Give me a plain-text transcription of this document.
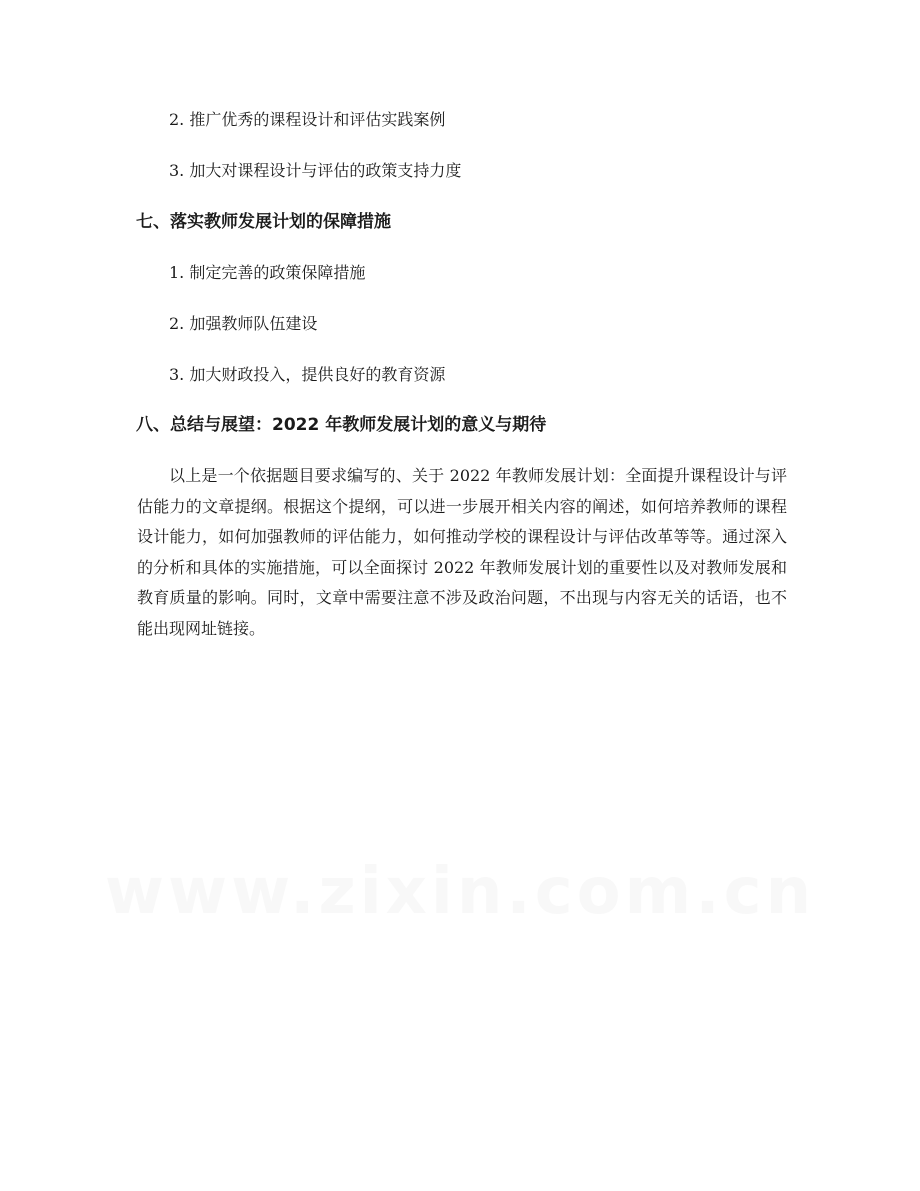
2. 推广优秀的课程设计和评估实践案例
3. 加大对课程设计与评估的政策支持力度
七、落实教师发展计划的保障措施
1. 制定完善的政策保障措施
2. 加强教师队伍建设
3. 加大财政投入，提供良好的教育资源
八、总结与展望：2022 年教师发展计划的意义与期待
以上是一个依据题目要求编写的、关于 2022 年教师发展计划：全面提升课程设计与评估能力的文章提纲。根据这个提纲，可以进一步展开相关内容的阐述，如何培养教师的课程设计能力，如何加强教师的评估能力，如何推动学校的课程设计与评估改革等等。通过深入的分析和具体的实施措施，可以全面探讨 2022 年教师发展计划的重要性以及对教师发展和教育质量的影响。同时，文章中需要注意不涉及政治问题，不出现与内容无关的话语，也不能出现网址链接。
www.zixin.com.cn
